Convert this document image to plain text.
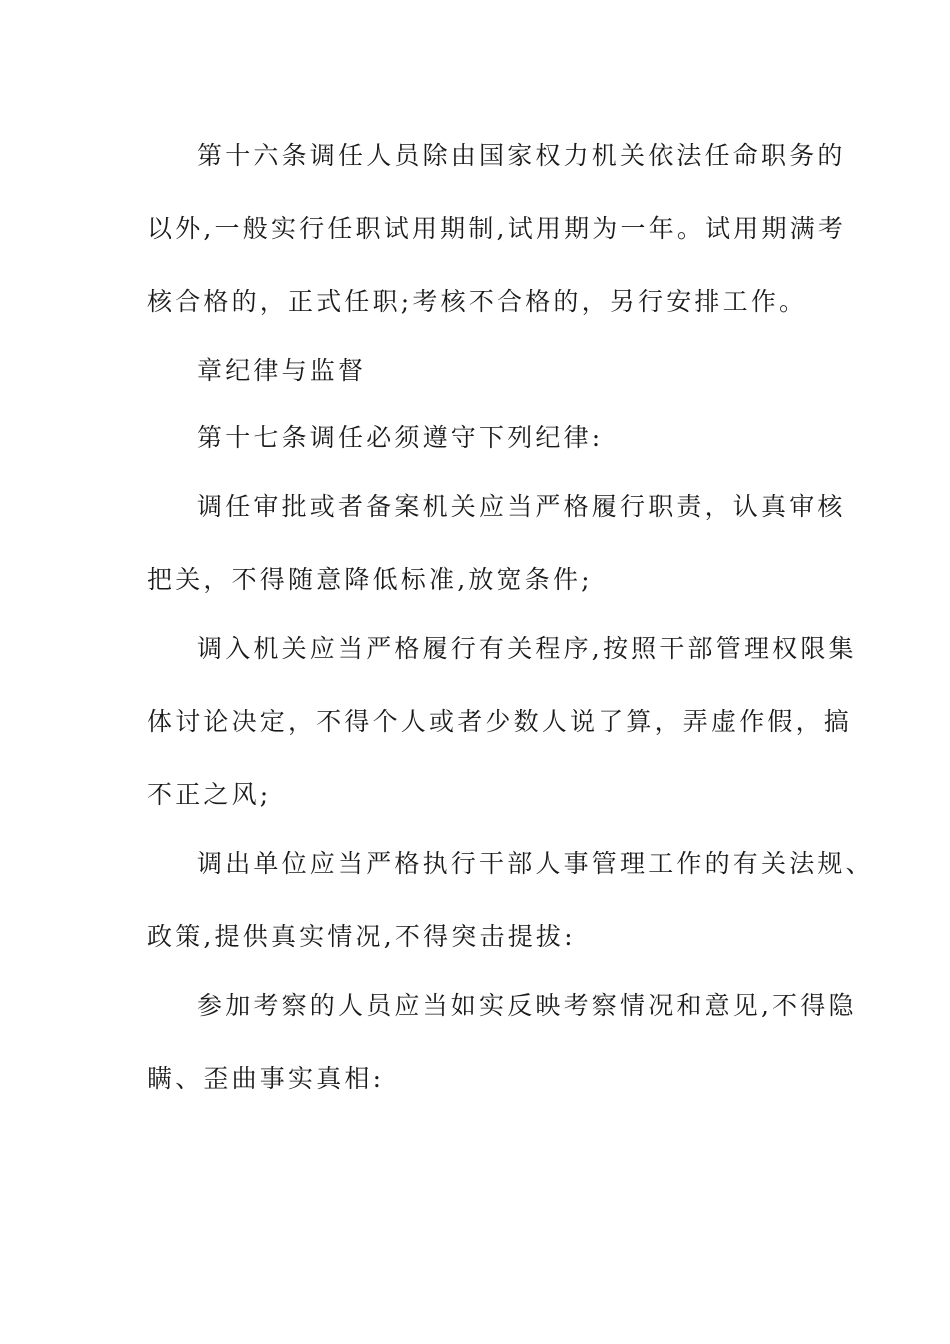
第十六条调任人员除由国家权力机关依法任命职务的
以外,一般实行任职试用期制,试用期为一年。试用期满考
核合格的，正式任职;考核不合格的，另行安排工作。
章纪律与监督
第十七条调任必须遵守下列纪律:
调任审批或者备案机关应当严格履行职责，认真审核
把关，不得随意降低标准,放宽条件;
调入机关应当严格履行有关程序,按照干部管理权限集
体讨论决定，不得个人或者少数人说了算，弄虚作假，搞
不正之风;
调出单位应当严格执行干部人事管理工作的有关法规、
政策,提供真实情况,不得突击提拔:
参加考察的人员应当如实反映考察情况和意见,不得隐
瞒、歪曲事实真相:
